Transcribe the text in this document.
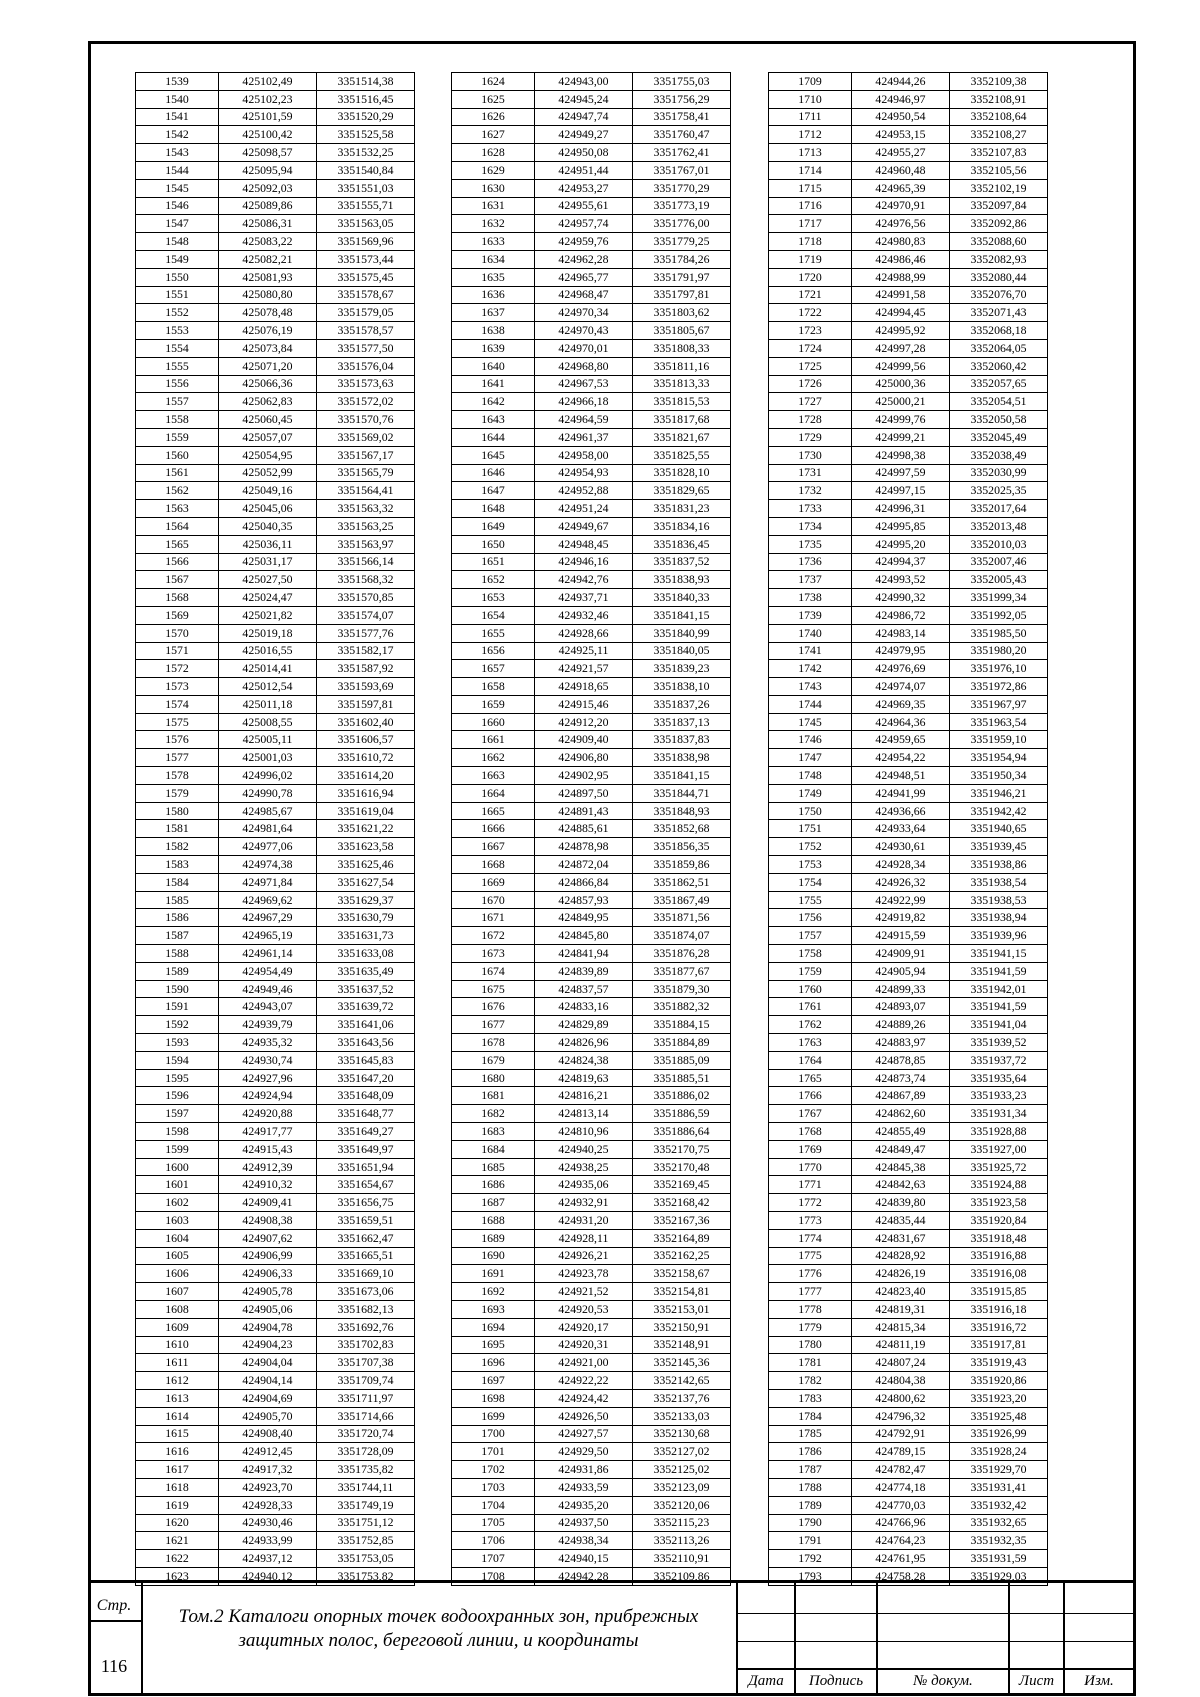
1539	425102,49	3351514,38
1540	425102,23	3351516,45
1541	425101,59	3351520,29
1542	425100,42	3351525,58
1543	425098,57	3351532,25
1544	425095,94	3351540,84
1545	425092,03	3351551,03
1546	425089,86	3351555,71
1547	425086,31	3351563,05
1548	425083,22	3351569,96
1549	425082,21	3351573,44
1550	425081,93	3351575,45
1551	425080,80	3351578,67
1552	425078,48	3351579,05
1553	425076,19	3351578,57
1554	425073,84	3351577,50
1555	425071,20	3351576,04
1556	425066,36	3351573,63
1557	425062,83	3351572,02
1558	425060,45	3351570,76
1559	425057,07	3351569,02
1560	425054,95	3351567,17
1561	425052,99	3351565,79
1562	425049,16	3351564,41
1563	425045,06	3351563,32
1564	425040,35	3351563,25
1565	425036,11	3351563,97
1566	425031,17	3351566,14
1567	425027,50	3351568,32
1568	425024,47	3351570,85
1569	425021,82	3351574,07
1570	425019,18	3351577,76
1571	425016,55	3351582,17
1572	425014,41	3351587,92
1573	425012,54	3351593,69
1574	425011,18	3351597,81
1575	425008,55	3351602,40
1576	425005,11	3351606,57
1577	425001,03	3351610,72
1578	424996,02	3351614,20
1579	424990,78	3351616,94
1580	424985,67	3351619,04
1581	424981,64	3351621,22
1582	424977,06	3351623,58
1583	424974,38	3351625,46
1584	424971,84	3351627,54
1585	424969,62	3351629,37
1586	424967,29	3351630,79
1587	424965,19	3351631,73
1588	424961,14	3351633,08
1589	424954,49	3351635,49
1590	424949,46	3351637,52
1591	424943,07	3351639,72
1592	424939,79	3351641,06
1593	424935,32	3351643,56
1594	424930,74	3351645,83
1595	424927,96	3351647,20
1596	424924,94	3351648,09
1597	424920,88	3351648,77
1598	424917,77	3351649,27
1599	424915,43	3351649,97
1600	424912,39	3351651,94
1601	424910,32	3351654,67
1602	424909,41	3351656,75
1603	424908,38	3351659,51
1604	424907,62	3351662,47
1605	424906,99	3351665,51
1606	424906,33	3351669,10
1607	424905,78	3351673,06
1608	424905,06	3351682,13
1609	424904,78	3351692,76
1610	424904,23	3351702,83
1611	424904,04	3351707,38
1612	424904,14	3351709,74
1613	424904,69	3351711,97
1614	424905,70	3351714,66
1615	424908,40	3351720,74
1616	424912,45	3351728,09
1617	424917,32	3351735,82
1618	424923,70	3351744,11
1619	424928,33	3351749,19
1620	424930,46	3351751,12
1621	424933,99	3351752,85
1622	424937,12	3351753,05
1623	424940,12	3351753,82
1624	424943,00	3351755,03
1625	424945,24	3351756,29
1626	424947,74	3351758,41
1627	424949,27	3351760,47
1628	424950,08	3351762,41
1629	424951,44	3351767,01
1630	424953,27	3351770,29
1631	424955,61	3351773,19
1632	424957,74	3351776,00
1633	424959,76	3351779,25
1634	424962,28	3351784,26
1635	424965,77	3351791,97
1636	424968,47	3351797,81
1637	424970,34	3351803,62
1638	424970,43	3351805,67
1639	424970,01	3351808,33
1640	424968,80	3351811,16
1641	424967,53	3351813,33
1642	424966,18	3351815,53
1643	424964,59	3351817,68
1644	424961,37	3351821,67
1645	424958,00	3351825,55
1646	424954,93	3351828,10
1647	424952,88	3351829,65
1648	424951,24	3351831,23
1649	424949,67	3351834,16
1650	424948,45	3351836,45
1651	424946,16	3351837,52
1652	424942,76	3351838,93
1653	424937,71	3351840,33
1654	424932,46	3351841,15
1655	424928,66	3351840,99
1656	424925,11	3351840,05
1657	424921,57	3351839,23
1658	424918,65	3351838,10
1659	424915,46	3351837,26
1660	424912,20	3351837,13
1661	424909,40	3351837,83
1662	424906,80	3351838,98
1663	424902,95	3351841,15
1664	424897,50	3351844,71
1665	424891,43	3351848,93
1666	424885,61	3351852,68
1667	424878,98	3351856,35
1668	424872,04	3351859,86
1669	424866,84	3351862,51
1670	424857,93	3351867,49
1671	424849,95	3351871,56
1672	424845,80	3351874,07
1673	424841,94	3351876,28
1674	424839,89	3351877,67
1675	424837,57	3351879,30
1676	424833,16	3351882,32
1677	424829,89	3351884,15
1678	424826,96	3351884,89
1679	424824,38	3351885,09
1680	424819,63	3351885,51
1681	424816,21	3351886,02
1682	424813,14	3351886,59
1683	424810,96	3351886,64
1684	424940,25	3352170,75
1685	424938,25	3352170,48
1686	424935,06	3352169,45
1687	424932,91	3352168,42
1688	424931,20	3352167,36
1689	424928,11	3352164,89
1690	424926,21	3352162,25
1691	424923,78	3352158,67
1692	424921,52	3352154,81
1693	424920,53	3352153,01
1694	424920,17	3352150,91
1695	424920,31	3352148,91
1696	424921,00	3352145,36
1697	424922,22	3352142,65
1698	424924,42	3352137,76
1699	424926,50	3352133,03
1700	424927,57	3352130,68
1701	424929,50	3352127,02
1702	424931,86	3352125,02
1703	424933,59	3352123,09
1704	424935,20	3352120,06
1705	424937,50	3352115,23
1706	424938,34	3352113,26
1707	424940,15	3352110,91
1708	424942,28	3352109,86
1709	424944,26	3352109,38
1710	424946,97	3352108,91
1711	424950,54	3352108,64
1712	424953,15	3352108,27
1713	424955,27	3352107,83
1714	424960,48	3352105,56
1715	424965,39	3352102,19
1716	424970,91	3352097,84
1717	424976,56	3352092,86
1718	424980,83	3352088,60
1719	424986,46	3352082,93
1720	424988,99	3352080,44
1721	424991,58	3352076,70
1722	424994,45	3352071,43
1723	424995,92	3352068,18
1724	424997,28	3352064,05
1725	424999,56	3352060,42
1726	425000,36	3352057,65
1727	425000,21	3352054,51
1728	424999,76	3352050,58
1729	424999,21	3352045,49
1730	424998,38	3352038,49
1731	424997,59	3352030,99
1732	424997,15	3352025,35
1733	424996,31	3352017,64
1734	424995,85	3352013,48
1735	424995,20	3352010,03
1736	424994,37	3352007,46
1737	424993,52	3352005,43
1738	424990,32	3351999,34
1739	424986,72	3351992,05
1740	424983,14	3351985,50
1741	424979,95	3351980,20
1742	424976,69	3351976,10
1743	424974,07	3351972,86
1744	424969,35	3351967,97
1745	424964,36	3351963,54
1746	424959,65	3351959,10
1747	424954,22	3351954,94
1748	424948,51	3351950,34
1749	424941,99	3351946,21
1750	424936,66	3351942,42
1751	424933,64	3351940,65
1752	424930,61	3351939,45
1753	424928,34	3351938,86
1754	424926,32	3351938,54
1755	424922,99	3351938,53
1756	424919,82	3351938,94
1757	424915,59	3351939,96
1758	424909,91	3351941,15
1759	424905,94	3351941,59
1760	424899,33	3351942,01
1761	424893,07	3351941,59
1762	424889,26	3351941,04
1763	424883,97	3351939,52
1764	424878,85	3351937,72
1765	424873,74	3351935,64
1766	424867,89	3351933,23
1767	424862,60	3351931,34
1768	424855,49	3351928,88
1769	424849,47	3351927,00
1770	424845,38	3351925,72
1771	424842,63	3351924,88
1772	424839,80	3351923,58
1773	424835,44	3351920,84
1774	424831,67	3351918,48
1775	424828,92	3351916,88
1776	424826,19	3351916,08
1777	424823,40	3351915,85
1778	424819,31	3351916,18
1779	424815,34	3351916,72
1780	424811,19	3351917,81
1781	424807,24	3351919,43
1782	424804,38	3351920,86
1783	424800,62	3351923,20
1784	424796,32	3351925,48
1785	424792,91	3351926,99
1786	424789,15	3351928,24
1787	424782,47	3351929,70
1788	424774,18	3351931,41
1789	424770,03	3351932,42
1790	424766,96	3351932,65
1791	424764,23	3351932,35
1792	424761,95	3351931,59
1793	424758,28	3351929,03
Стр.
116
Том.2 Каталоги опорных точек водоохранных зон, прибрежных
защитных полос, береговой линии, и координаты
Дата	Подпись	№ докум.	Лист	Изм.
